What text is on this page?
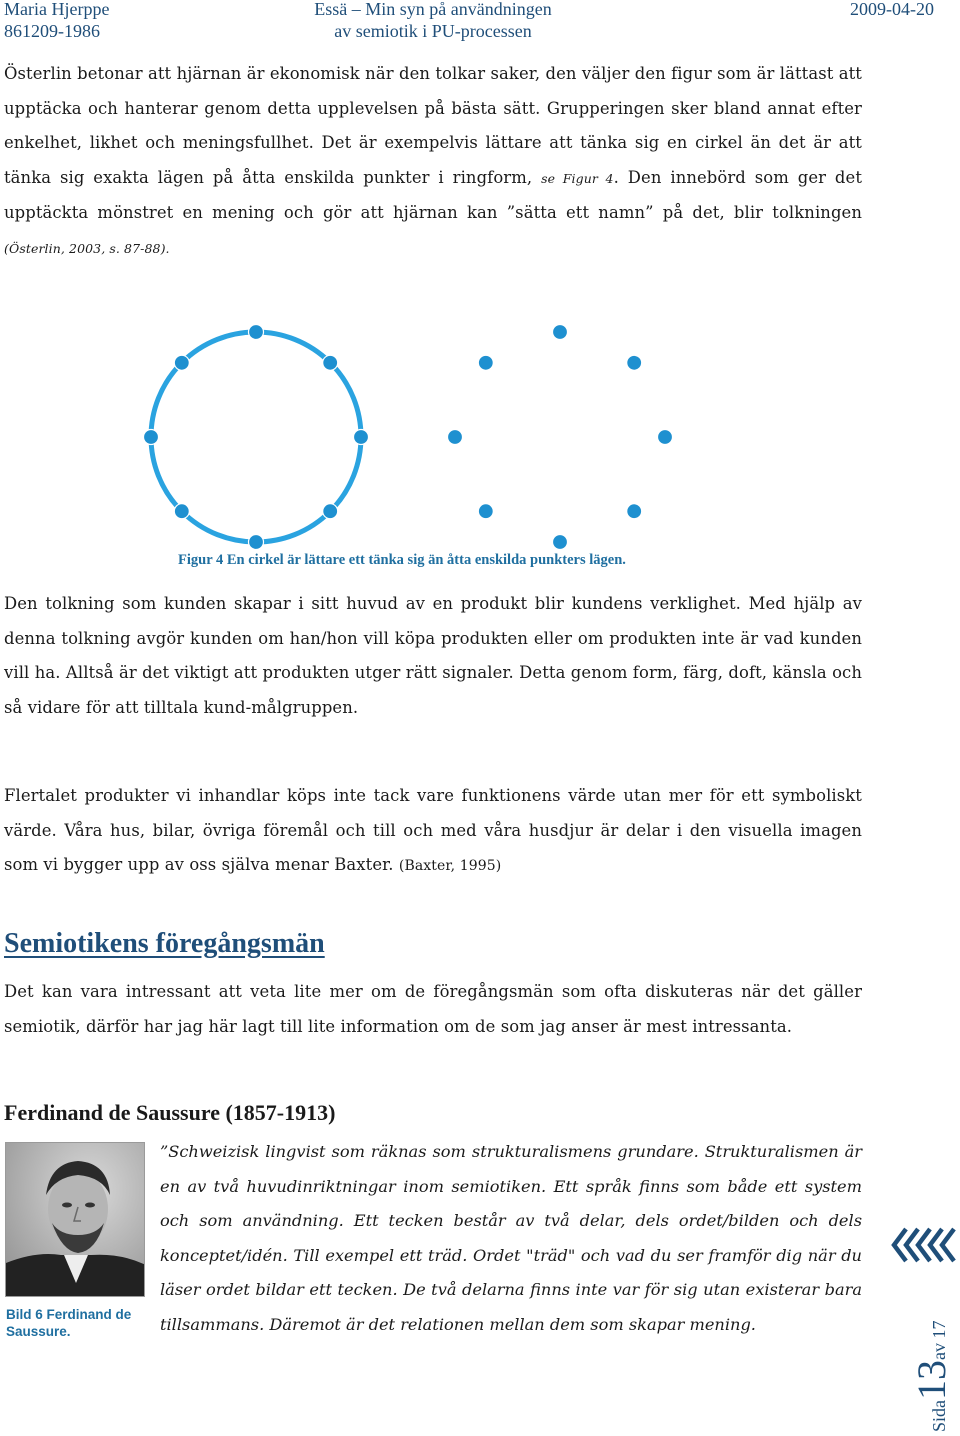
Maria Hjerppe
861209-1986
Essä – Min syn på användningen
av semiotik i PU-processen
2009-04-20

Österlin betonar att hjärnan är ekonomisk när den tolkar saker, den väljer den figur som är lättast att upptäcka och hanterar genom detta upplevelsen på bästa sätt. Grupperingen sker bland annat efter enkelhet, likhet och meningsfullhet. Det är exempelvis lättare att tänka sig en cirkel än det är att tänka sig exakta lägen på åtta enskilda punkter i ringform, se Figur 4. Den innebörd som ger det upptäckta mönstret en mening och gör att hjärnan kan ”sätta ett namn” på det, blir tolkningen (Österlin, 2003, s. 87-88).

Figur 4 En cirkel är lättare ett tänka sig än åtta enskilda punkters lägen.

Den tolkning som kunden skapar i sitt huvud av en produkt blir kundens verklighet. Med hjälp av denna tolkning avgör kunden om han/hon vill köpa produkten eller om produkten inte är vad kunden vill ha. Alltså är det viktigt att produkten utger rätt signaler. Detta genom form, färg, doft, känsla och så vidare för att tilltala kund-målgruppen.

Flertalet produkter vi inhandlar köps inte tack vare funktionens värde utan mer för ett symboliskt värde. Våra hus, bilar, övriga föremål och till och med våra husdjur är delar i den visuella imagen som vi bygger upp av oss själva menar Baxter. (Baxter, 1995)

Semiotikens föregångsmän

Det kan vara intressant att veta lite mer om de föregångsmän som ofta diskuteras när det gäller semiotik, därför har jag här lagt till lite information om de som jag anser är mest intressanta.

Ferdinand de Saussure (1857-1913)
Bild 6 Ferdinand de Saussure.

”Schweizisk lingvist som räknas som strukturalismens grundare. Strukturalismen är en av två huvudinriktningar inom semiotiken. Ett språk finns som både ett system och som användning. Ett tecken består av två delar, dels ordet/bilden och dels konceptet/idén. Till exempel ett träd. Ordet "träd" och vad du ser framför dig när du läser ordet bildar ett tecken. De två delarna finns inte var för sig utan existerar bara tillsammans. Däremot är det relationen mellan dem som skapar mening.

Sida13av 17
